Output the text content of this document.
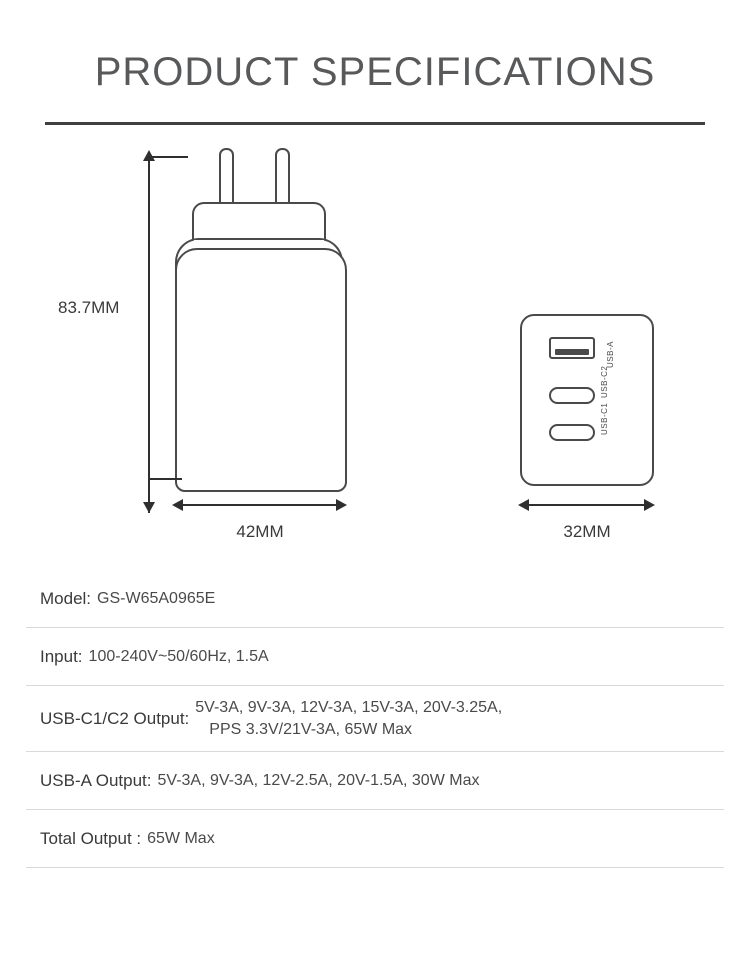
PRODUCT SPECIFICATIONS
83.7MM
42MM
USB-A
USB-C2
USB-C1
32MM
Model: GS-W65A0965E
Input: 100-240V~50/60Hz, 1.5A
USB-C1/C2 Output:
5V-3A, 9V-3A, 12V-3A, 15V-3A, 20V-3.25A,
PPS 3.3V/21V-3A, 65W Max
USB-A Output: 5V-3A, 9V-3A, 12V-2.5A, 20V-1.5A, 30W Max
Total Output : 65W Max
